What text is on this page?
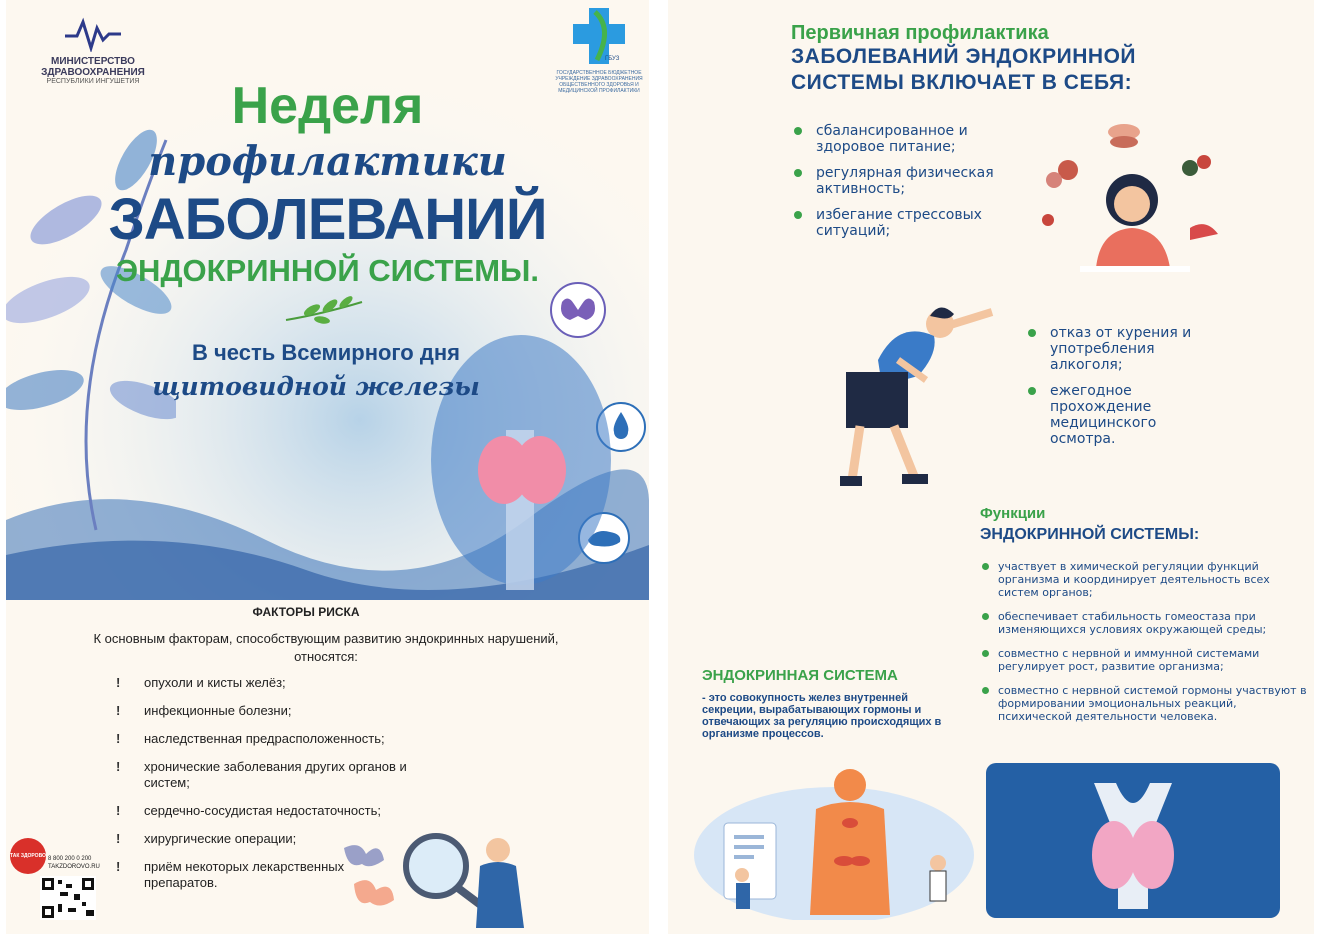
МИНИСТЕРСТВО
ЗДРАВООХРАНЕНИЯ
РЕСПУБЛИКИ ИНГУШЕТИЯ
ГБУЗ
ГОСУДАРСТВЕННОЕ БЮДЖЕТНОЕ УЧРЕЖДЕНИЕ ЗДРАВООХРАНЕНИЯ ОБЩЕСТВЕННОГО ЗДОРОВЬЯ И МЕДИЦИНСКОЙ ПРОФИЛАКТИКИ
Неделя
профилактики
ЗАБОЛЕВАНИЙ
ЭНДОКРИННОЙ СИСТЕМЫ.
В честь Всемирного дня
щитовидной железы
ФАКТОРЫ РИСКА
К основным факторам, способствующим развитию эндокринных нарушений, относятся:
!	опухоли и кисты желёз;
!	инфекционные болезни;
!	наследственная предрасположенность;
!	хронические заболевания других органов и систем;
!	сердечно-сосудистая недостаточность;
!	хирургические операции;
!	приём некоторых лекарственных препаратов.
ТАК ЗДОРОВО 8 800 200 0 200
TAKZDOROVO.RU
Первичная профилактика
ЗАБОЛЕВАНИЙ ЭНДОКРИННОЙ
СИСТЕМЫ ВКЛЮЧАЕТ В СЕБЯ:
сбалансированное и здоровое питание;
регулярная физическая активность;
избегание стрессовых ситуаций;
отказ от курения и употребления алкоголя;
ежегодное прохождение медицинского осмотра.
Функции
ЭНДОКРИННОЙ СИСТЕМЫ:
участвует в химической регуляции функций организма и координирует деятельность всех систем органов;
обеспечивает стабильность гомеостаза при изменяющихся условиях окружающей среды;
совместно с нервной и иммунной системами регулирует рост, развитие организма;
совместно с нервной системой гормоны участвуют в формировании эмоциональных реакций, психической деятельности человека.
ЭНДОКРИННАЯ СИСТЕМА
- это совокупность желез внутренней секреции, вырабатывающих гормоны и отвечающих за регуляцию происходящих в организме процессов.
